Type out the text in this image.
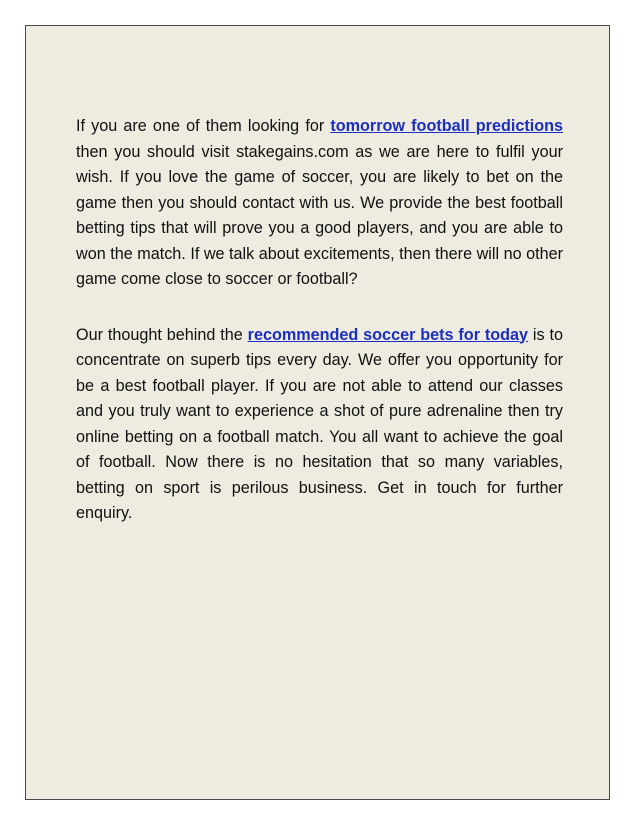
If you are one of them looking for tomorrow football predictions then you should visit stakegains.com as we are here to fulfil your wish. If you love the game of soccer, you are likely to bet on the game then you should contact with us. We provide the best football betting tips that will prove you a good players, and you are able to won the match. If we talk about excitements, then there will no other game come close to soccer or football?

Our thought behind the recommended soccer bets for today is to concentrate on superb tips every day. We offer you opportunity for be a best football player. If you are not able to attend our classes and you truly want to experience a shot of pure adrenaline then try online betting on a football match. You all want to achieve the goal of football. Now there is no hesitation that so many variables, betting on sport is perilous business. Get in touch for further enquiry.
